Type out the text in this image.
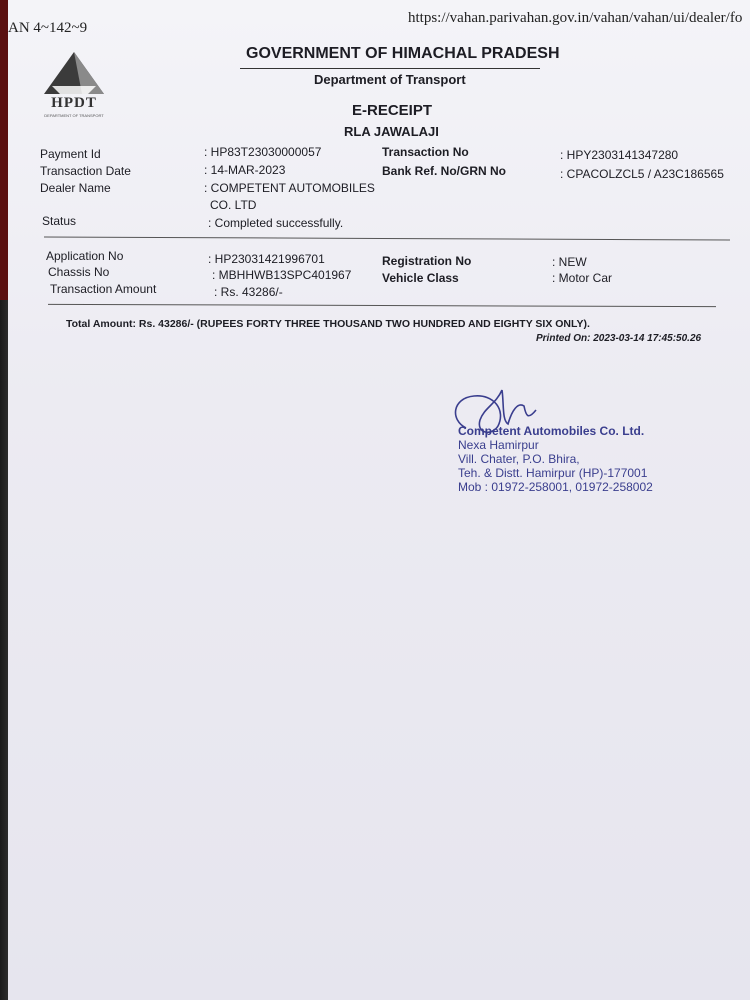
AN 4~142~9
https://vahan.parivahan.gov.in/vahan/vahan/ui/dealer/fo
HPDT
DEPARTMENT OF TRANSPORT
GOVERNMENT OF HIMACHAL PRADESH
Department of Transport
E-RECEIPT
RLA JAWALAJI
Payment Id	: HP83T23030000057
Transaction Date	: 14-MAR-2023
Dealer Name	: COMPETENT AUTOMOBILES
CO. LTD
Status	: Completed successfully.
Transaction No	: HPY2303141347280
Bank Ref. No/GRN No	: CPACOLZCL5 / A23C186565
Application No	: HP23031421996701
Chassis No	: MBHHWB13SPC401967
Transaction Amount	: Rs. 43286/-
Registration No	: NEW
Vehicle Class	: Motor Car
Total Amount: Rs. 43286/- (RUPEES FORTY THREE THOUSAND TWO HUNDRED AND EIGHTY SIX ONLY).
Printed On: 2023-03-14 17:45:50.26
Competent Automobiles Co. Ltd.
Nexa Hamirpur
Vill. Chater, P.O. Bhira,
Teh. & Distt. Hamirpur (HP)-177001
Mob : 01972-258001, 01972-258002
